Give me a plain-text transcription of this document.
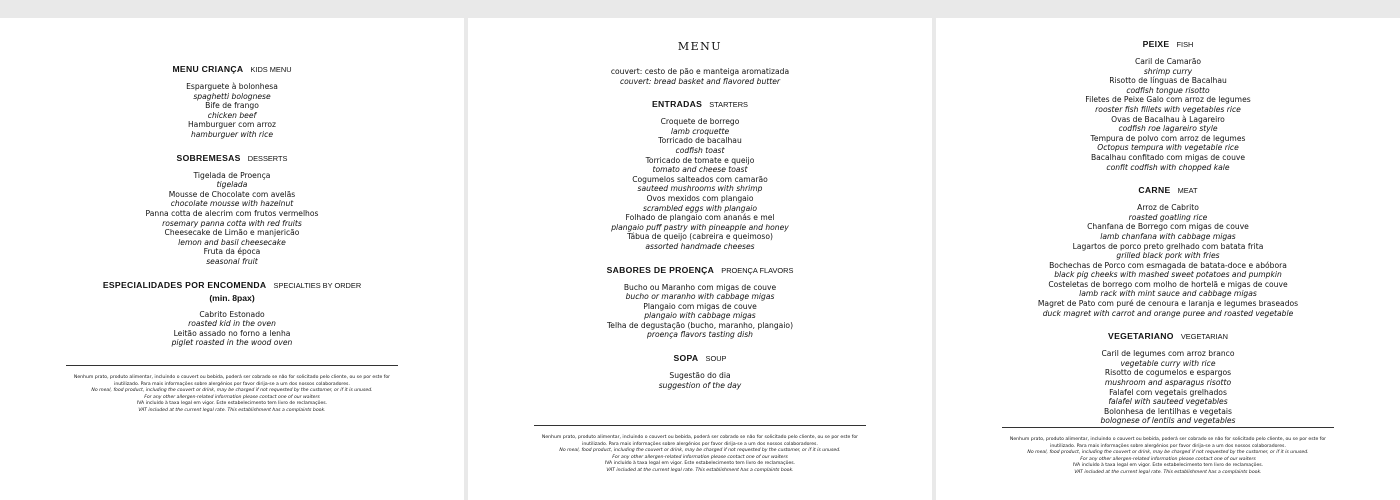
MENU CRIANÇA KIDS MENU
Esparguete à bolonhesa
spaghetti bolognese
Bife de frango
chicken beef
Hamburguer com arroz
hamburguer with rice
SOBREMESAS DESSERTS
Tigelada de Proença
tigelada
Mousse de Chocolate com avelãs
chocolate mousse with hazelnut
Panna cotta de alecrim com frutos vermelhos
rosemary panna cotta with red fruits
Cheesecake de Limão e manjericão
lemon and basil cheesecake
Fruta da época
seasonal fruit
ESPECIALIDADES POR ENCOMENDA SPECIALTIES BY ORDER
(min. 8pax)
Cabrito Estonado
roasted kid in the oven
Leitão assado no forno a lenha
piglet roasted in the wood oven
Nenhum prato, produto alimentar, incluindo o couvert ou bebida, poderá ser cobrado se não for solicitado pelo cliente, ou se por este for
inutilizado. Para mais informações sobre alergénios por favor dirija-se a um dos nossos colaboradores.
No meal, food product, including the couvert or drink, may be charged if not requested by the customer, or if it is unused.
For any other allergen-related information please contact one of our waiters
IVA incluído à taxa legal em vigor. Este estabelecimento tem livro de reclamações.
VAT included at the current legal rate. This establishment has a complaints book.
MENU
couvert: cesto de pão e manteiga aromatizada
couvert: bread basket and flavored butter
ENTRADAS STARTERS
Croquete de borrego
lamb croquette
Torricado de bacalhau
codfish toast
Torricado de tomate e queijo
tomato and cheese toast
Cogumelos salteados com camarão
sauteed mushrooms with shrimp
Ovos mexidos com plangaio
scrambled eggs with plangaio
Folhado de plangaio com ananás e mel
plangaio puff pastry with pineapple and honey
Tábua de queijo (cabreira e queimoso)
assorted handmade cheeses
SABORES DE PROENÇA PROENÇA FLAVORS
Bucho ou Maranho com migas de couve
bucho or maranho with cabbage migas
Plangaio com migas de couve
plangaio with cabbage migas
Telha de degustação (bucho, maranho, plangaio)
proença flavors tasting dish
SOPA SOUP
Sugestão do dia
suggestion of the day
Nenhum prato, produto alimentar, incluindo o couvert ou bebida, poderá ser cobrado se não for solicitado pelo cliente, ou se por este for
inutilizado. Para mais informações sobre alergénios por favor dirija-se a um dos nossos colaboradores.
No meal, food product, including the couvert or drink, may be charged if not requested by the customer, or if it is unused.
For any other allergen-related information please contact one of our waiters
IVA incluído à taxa legal em vigor. Este estabelecimento tem livro de reclamações.
VAT included at the current legal rate. This establishment has a complaints book.
PEIXE FISH
Caril de Camarão
shrimp curry
Risotto de línguas de Bacalhau
codfish tongue risotto
Filetes de Peixe Galo com arroz de legumes
rooster fish fillets with vegetables rice
Ovas de Bacalhau à Lagareiro
codfish roe lagareiro style
Tempura de polvo com arroz de legumes
Octopus tempura with vegetable rice
Bacalhau confitado com migas de couve
confit codfish with chopped kale
CARNE MEAT
Arroz de Cabrito
roasted goatling rice
Chanfana de Borrego com migas de couve
lamb chanfana with cabbage migas
Lagartos de porco preto grelhado com batata frita
grilled black pork with fries
Bochechas de Porco com esmagada de batata-doce e abóbora
black pig cheeks with mashed sweet potatoes and pumpkin
Costeletas de borrego com molho de hortelã e migas de couve
lamb rack with mint sauce and cabbage migas
Magret de Pato com puré de cenoura e laranja e legumes braseados
duck magret with carrot and orange puree and roasted vegetable
VEGETARIANO VEGETARIAN
Caril de legumes com arroz branco
vegetable curry with rice
Risotto de cogumelos e espargos
mushroom and asparagus risotto
Falafel com vegetais grelhados
falafel with sauteed vegetables
Bolonhesa de lentilhas e vegetais
bolognese of lentils and vegetables
Nenhum prato, produto alimentar, incluindo o couvert ou bebida, poderá ser cobrado se não for solicitado pelo cliente, ou se por este for
inutilizado. Para mais informações sobre alergénios por favor dirija-se a um dos nossos colaboradores.
No meal, food product, including the couvert or drink, may be charged if not requested by the customer, or if it is unused.
For any other allergen-related information please contact one of our waiters
IVA incluído à taxa legal em vigor. Este estabelecimento tem livro de reclamações.
VAT included at the current legal rate. This establishment has a complaints book.
